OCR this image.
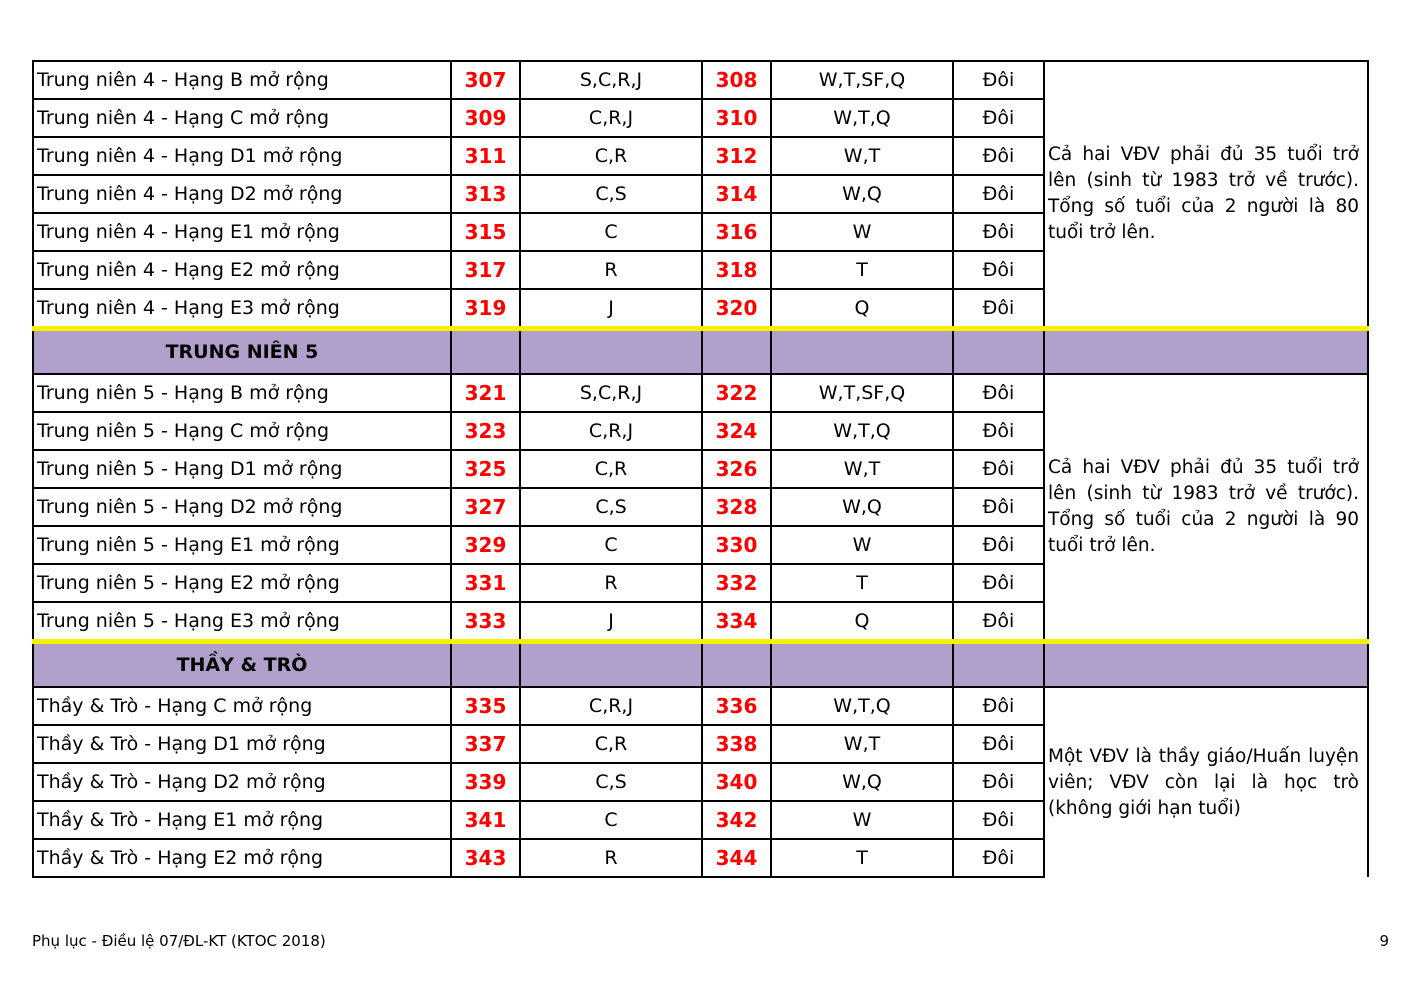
Trung niên 4 - Hạng B mở rộng	307	S,C,R,J	308	W,T,SF,Q	Đôi	Cả hai VĐV phải đủ 35 tuổi trở lên (sinh từ 1983 trở về trước). Tổng số tuổi của 2 người là 80 tuổi trở lên.
Trung niên 4 - Hạng C mở rộng	309	C,R,J	310	W,T,Q	Đôi	
Trung niên 4 - Hạng D1 mở rộng	311	C,R	312	W,T	Đôi	
Trung niên 4 - Hạng D2 mở rộng	313	C,S	314	W,Q	Đôi	
Trung niên 4 - Hạng E1 mở rộng	315	C	316	W	Đôi	
Trung niên 4 - Hạng E2 mở rộng	317	R	318	T	Đôi	
Trung niên 4 - Hạng E3 mở rộng	319	J	320	Q	Đôi	
TRUNG NIÊN 5						
Trung niên 5 - Hạng B mở rộng	321	S,C,R,J	322	W,T,SF,Q	Đôi	Cả hai VĐV phải đủ 35 tuổi trở lên (sinh từ 1983 trở về trước). Tổng số tuổi của 2 người là 90 tuổi trở lên.
Trung niên 5 - Hạng C mở rộng	323	C,R,J	324	W,T,Q	Đôi	
Trung niên 5 - Hạng D1 mở rộng	325	C,R	326	W,T	Đôi	
Trung niên 5 - Hạng D2 mở rộng	327	C,S	328	W,Q	Đôi	
Trung niên 5 - Hạng E1 mở rộng	329	C	330	W	Đôi	
Trung niên 5 - Hạng E2 mở rộng	331	R	332	T	Đôi	
Trung niên 5 - Hạng E3 mở rộng	333	J	334	Q	Đôi	
THẦY & TRÒ						
Thầy & Trò - Hạng C mở rộng	335	C,R,J	336	W,T,Q	Đôi	Một VĐV là thầy giáo/Huấn luyện viên; VĐV còn lại là học trò (không giới hạn tuổi)
Thầy & Trò - Hạng D1 mở rộng	337	C,R	338	W,T	Đôi	
Thầy & Trò - Hạng D2 mở rộng	339	C,S	340	W,Q	Đôi	
Thầy & Trò - Hạng E1 mở rộng	341	C	342	W	Đôi	
Thầy & Trò - Hạng E2 mở rộng	343	R	344	T	Đôi	
Phụ lục - Điều lệ 07/ĐL-KT (KTOC 2018)	9
